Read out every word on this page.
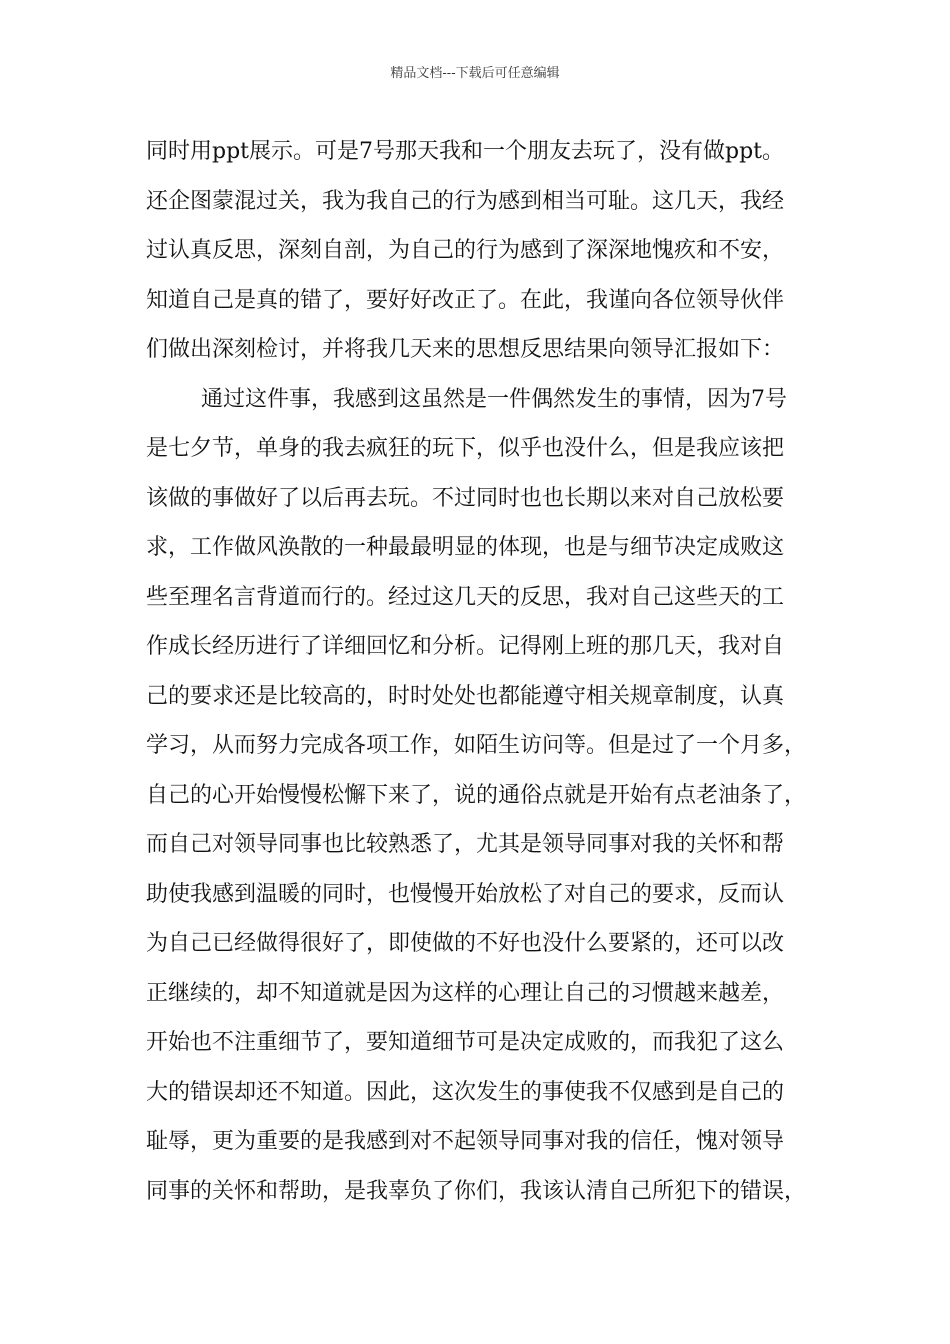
精品文档---下载后可任意编辑
同时用ppt展示。可是7号那天我和一个朋友去玩了，没有做ppt。
还企图蒙混过关，我为我自己的行为感到相当可耻。这几天，我经
过认真反思，深刻自剖，为自己的行为感到了深深地愧疚和不安，
知道自己是真的错了，要好好改正了。在此，我谨向各位领导伙伴
们做出深刻检讨，并将我几天来的思想反思结果向领导汇报如下：
通过这件事，我感到这虽然是一件偶然发生的事情，因为7号
是七夕节，单身的我去疯狂的玩下，似乎也没什么，但是我应该把
该做的事做好了以后再去玩。不过同时也也长期以来对自己放松要
求，工作做风涣散的一种最最明显的体现，也是与细节决定成败这
些至理名言背道而行的。经过这几天的反思，我对自己这些天的工
作成长经历进行了详细回忆和分析。记得刚上班的那几天，我对自
己的要求还是比较高的，时时处处也都能遵守相关规章制度，认真
学习，从而努力完成各项工作，如陌生访问等。但是过了一个月多，
自己的心开始慢慢松懈下来了，说的通俗点就是开始有点老油条了，
而自己对领导同事也比较熟悉了，尤其是领导同事对我的关怀和帮
助使我感到温暖的同时，也慢慢开始放松了对自己的要求，反而认
为自己已经做得很好了，即使做的不好也没什么要紧的，还可以改
正继续的，却不知道就是因为这样的心理让自己的习惯越来越差，
开始也不注重细节了，要知道细节可是决定成败的，而我犯了这么
大的错误却还不知道。因此，这次发生的事使我不仅感到是自己的
耻辱，更为重要的是我感到对不起领导同事对我的信任，愧对领导
同事的关怀和帮助，是我辜负了你们，我该认清自己所犯下的错误，
